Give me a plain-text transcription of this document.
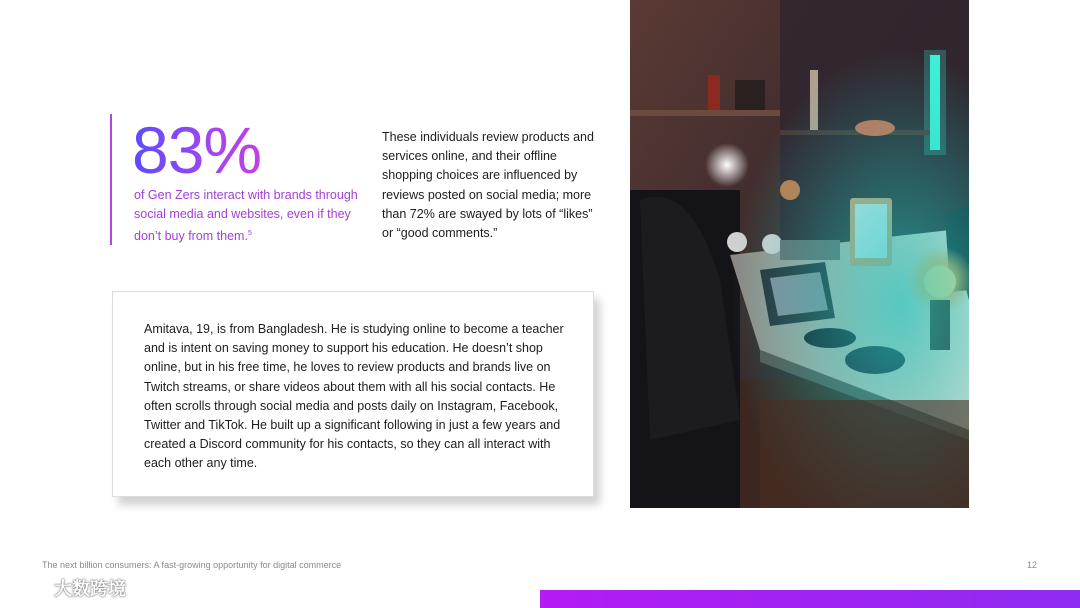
83%
of Gen Zers interact with brands through social media and websites, even if they don’t buy from them.$^5$
These individuals review products and services online, and their offline shopping choices are influenced by reviews posted on social media; more than 72% are swayed by lots of “likes” or “good comments.”
Amitava, 19, is from Bangladesh. He is studying online to become a teacher and is intent on saving money to support his education. He doesn’t shop online, but in his free time, he loves to review products and brands live on Twitch streams, or share videos about them with all his social contacts. He often scrolls through social media and posts daily on Instagram, Facebook, Twitter and TikTok. He built up a significant following in just a few years and created a Discord community for his contacts, so they can all interact with each other any time.
The next billion consumers: A fast-growing opportunity for digital commerce	12
大数跨境
